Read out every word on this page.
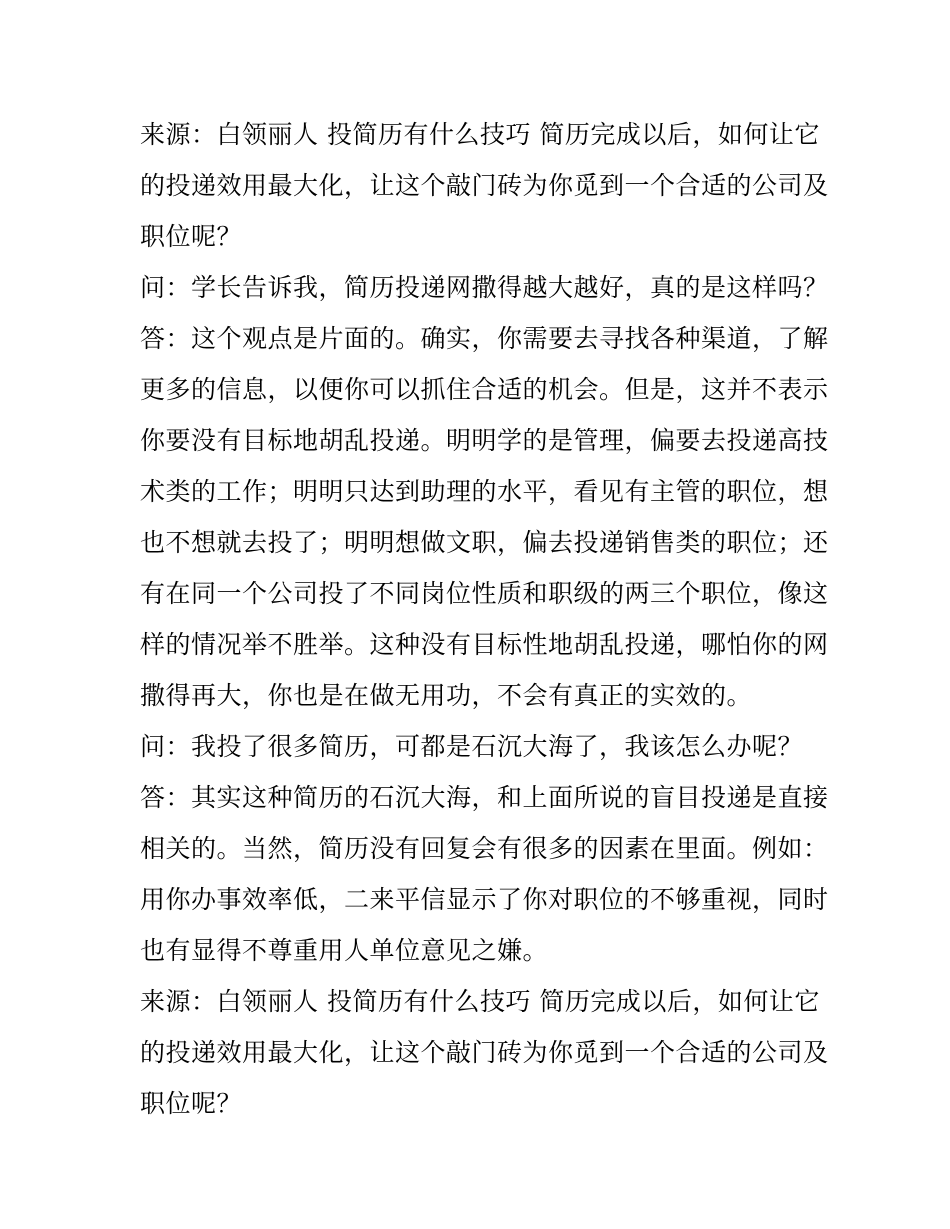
来源：白领丽人 投简历有什么技巧 简历完成以后，如何让它
的投递效用最大化，让这个敲门砖为你觅到一个合适的公司及
职位呢？
问：学长告诉我，简历投递网撒得越大越好，真的是这样吗？
答：这个观点是片面的。确实，你需要去寻找各种渠道，了解
更多的信息，以便你可以抓住合适的机会。但是，这并不表示
你要没有目标地胡乱投递。明明学的是管理，偏要去投递高技
术类的工作；明明只达到助理的水平，看见有主管的职位，想
也不想就去投了；明明想做文职，偏去投递销售类的职位；还
有在同一个公司投了不同岗位性质和职级的两三个职位，像这
样的情况举不胜举。这种没有目标性地胡乱投递，哪怕你的网
撒得再大，你也是在做无用功，不会有真正的实效的。
问：我投了很多简历，可都是石沉大海了，我该怎么办呢？
答：其实这种简历的石沉大海，和上面所说的盲目投递是直接
相关的。当然，简历没有回复会有很多的因素在里面。例如：
用你办事效率低，二来平信显示了你对职位的不够重视，同时
也有显得不尊重用人单位意见之嫌。
来源：白领丽人 投简历有什么技巧 简历完成以后，如何让它
的投递效用最大化，让这个敲门砖为你觅到一个合适的公司及
职位呢？
